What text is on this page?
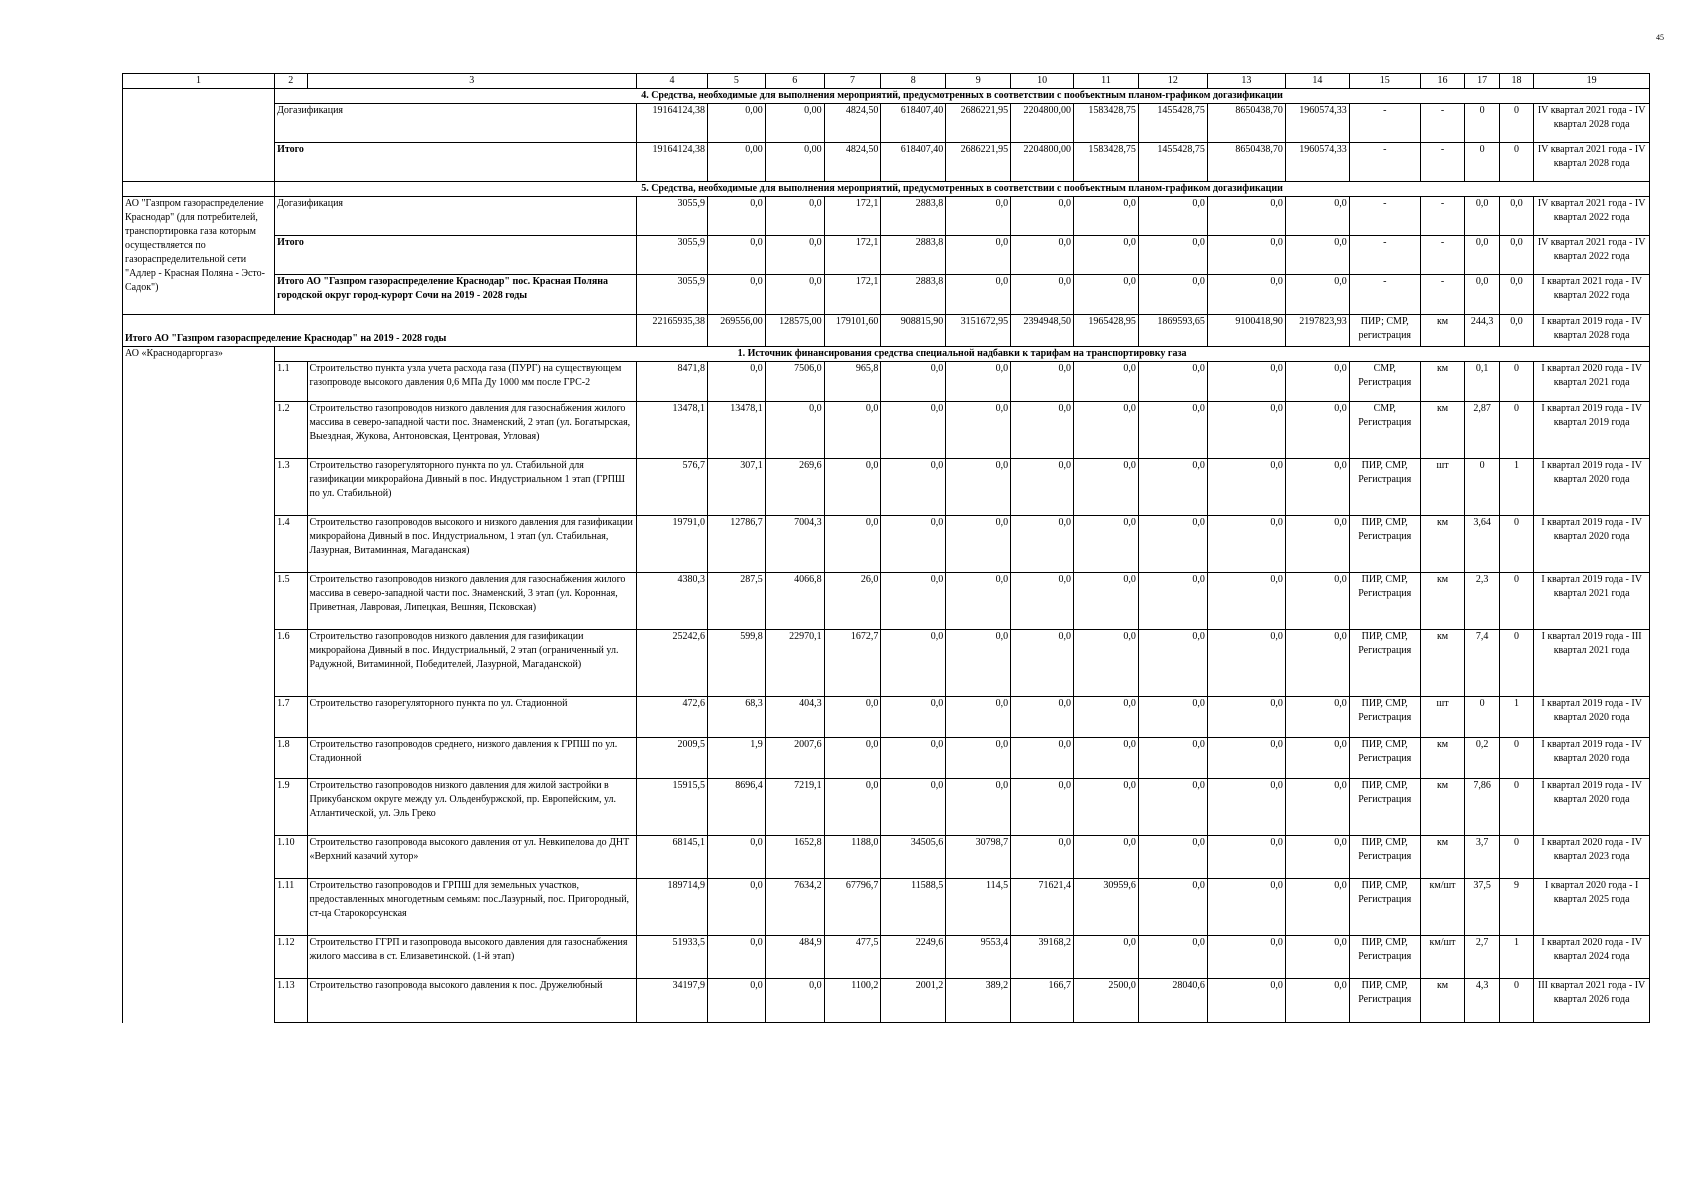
45
1	2	3	4	5	6	7	8	9	10	11	12	13	14	15	16	17	18	19
	4. Средства, необходимые для выполнения мероприятий, предусмотренных в соответствии с пообъектным планом-графиком догазификации																	
	Догазификация		19164124,38	0,00	0,00	4824,50	618407,40	2686221,95	2204800,00	1583428,75	1455428,75	8650438,70	1960574,33	-	-	0	0	IV квартал 2021 года - IV квартал 2028 года
	Итого		19164124,38	0,00	0,00	4824,50	618407,40	2686221,95	2204800,00	1583428,75	1455428,75	8650438,70	1960574,33	-	-	0	0	IV квартал 2021 года - IV квартал 2028 года
	5. Средства, необходимые для выполнения мероприятий, предусмотренных в соответствии с пообъектным планом-графиком догазификации																	
АО "Газпром газораспределение Краснодар" (для потребителей, транспортировка газа которым осуществляется по газораспределительной сети "Адлер - Красная Поляна - Эсто-Садок")	Догазификация		3055,9	0,0	0,0	172,1	2883,8	0,0	0,0	0,0	0,0	0,0	0,0	-	-	0,0	0,0	IV квартал 2021 года - IV квартал 2022 года
	Итого		3055,9	0,0	0,0	172,1	2883,8	0,0	0,0	0,0	0,0	0,0	0,0	-	-	0,0	0,0	IV квартал 2021 года - IV квартал 2022 года
	Итого АО "Газпром газораспределение Краснодар" пос. Красная Поляна городской округ город-курорт Сочи на 2019 - 2028 годы		3055,9	0,0	0,0	172,1	2883,8	0,0	0,0	0,0	0,0	0,0	0,0	-	-	0,0	0,0	I квартал 2021 года - IV квартал 2022 года
Итого АО "Газпром газораспределение Краснодар" на 2019 - 2028 годы			22165935,38	269556,00	128575,00	179101,60	908815,90	3151672,95	2394948,50	1965428,95	1869593,65	9100418,90	2197823,93	ПИР; СМР, регистрация	км	244,3	0,0	I квартал 2019 года - IV квартал 2028 года
АО «Краснодаргоргаз»	1. Источник финансирования средства специальной надбавки к тарифам на транспортировку газа																	
	1.1	Строительство пункта узла учета расхода газа (ПУРГ) на существующем газопроводе высокого давления 0,6 МПа Ду 1000 мм после ГРС-2	8471,8	0,0	7506,0	965,8	0,0	0,0	0,0	0,0	0,0	0,0	0,0	СМР, Регистрация	км	0,1	0	I квартал 2020 года - IV квартал 2021 года
	1.2	Строительство газопроводов низкого давления для газоснабжения жилого массива в северо-западной части пос. Знаменский, 2 этап (ул. Богатырская, Выездная, Жукова, Антоновская, Центровая, Угловая)	13478,1	13478,1	0,0	0,0	0,0	0,0	0,0	0,0	0,0	0,0	0,0	СМР, Регистрация	км	2,87	0	I квартал 2019 года - IV квартал 2019 года
	1.3	Строительство газорегуляторного пункта по ул. Стабильной для газификации микрорайона Дивный в пос. Индустриальном 1 этап (ГРПШ по ул. Стабильной)	576,7	307,1	269,6	0,0	0,0	0,0	0,0	0,0	0,0	0,0	0,0	ПИР, СМР, Регистрация	шт	0	1	I квартал 2019 года - IV квартал 2020 года
	1.4	Строительство газопроводов высокого и низкого давления для газификации микрорайона Дивный в пос. Индустриальном, 1 этап (ул. Стабильная, Лазурная, Витаминная, Магаданская)	19791,0	12786,7	7004,3	0,0	0,0	0,0	0,0	0,0	0,0	0,0	0,0	ПИР, СМР, Регистрация	км	3,64	0	I квартал 2019 года - IV квартал 2020 года
	1.5	Строительство газопроводов низкого давления для газоснабжения жилого массива в северо-западной части пос. Знаменский, 3 этап (ул. Коронная, Приветная, Лавровая, Липецкая, Вешняя, Псковская)	4380,3	287,5	4066,8	26,0	0,0	0,0	0,0	0,0	0,0	0,0	0,0	ПИР, СМР, Регистрация	км	2,3	0	I квартал 2019 года - IV квартал 2021 года
	1.6	Строительство газопроводов низкого давления для газификации микрорайона Дивный в пос. Индустриальный, 2 этап (ограниченный ул. Радужной, Витаминной, Победителей, Лазурной, Магаданской)	25242,6	599,8	22970,1	1672,7	0,0	0,0	0,0	0,0	0,0	0,0	0,0	ПИР, СМР, Регистрация	км	7,4	0	I квартал 2019 года - III квартал 2021 года
	1.7	Строительство газорегуляторного пункта по ул. Стадионной	472,6	68,3	404,3	0,0	0,0	0,0	0,0	0,0	0,0	0,0	0,0	ПИР, СМР, Регистрация	шт	0	1	I квартал 2019 года - IV квартал 2020 года
	1.8	Строительство газопроводов среднего, низкого давления к ГРПШ по ул. Стадионной	2009,5	1,9	2007,6	0,0	0,0	0,0	0,0	0,0	0,0	0,0	0,0	ПИР, СМР, Регистрация	км	0,2	0	I квартал 2019 года - IV квартал 2020 года
	1.9	Строительство газопроводов низкого давления для жилой застройки в Прикубанском округе между ул. Ольденбуржской, пр. Европейским, ул. Атлантической, ул. Эль Греко	15915,5	8696,4	7219,1	0,0	0,0	0,0	0,0	0,0	0,0	0,0	0,0	ПИР, СМР, Регистрация	км	7,86	0	I квартал 2019 года - IV квартал 2020 года
	1.10	Строительство газопровода высокого давления от ул. Невкипелова до ДНТ «Верхний казачий хутор»	68145,1	0,0	1652,8	1188,0	34505,6	30798,7	0,0	0,0	0,0	0,0	0,0	ПИР, СМР, Регистрация	км	3,7	0	I квартал 2020 года - IV квартал 2023 года
	1.11	Строительство газопроводов и ГРПШ для земельных участков, предоставленных многодетным семьям: пос.Лазурный, пос. Пригородный, ст-ца Старокорсунская	189714,9	0,0	7634,2	67796,7	11588,5	114,5	71621,4	30959,6	0,0	0,0	0,0	ПИР, СМР, Регистрация	км/шт	37,5	9	I квартал 2020 года - I квартал 2025 года
	1.12	Строительство ГГРП и газопровода высокого давления для газоснабжения жилого массива в ст. Елизаветинской. (1-й этап)	51933,5	0,0	484,9	477,5	2249,6	9553,4	39168,2	0,0	0,0	0,0	0,0	ПИР, СМР, Регистрация	км/шт	2,7	1	I квартал 2020 года - IV квартал 2024 года
	1.13	Строительство газопровода высокого давления к пос. Дружелюбный	34197,9	0,0	0,0	1100,2	2001,2	389,2	166,7	2500,0	28040,6	0,0	0,0	ПИР, СМР, Регистрация	км	4,3	0	III квартал 2021 года - IV квартал 2026 года
